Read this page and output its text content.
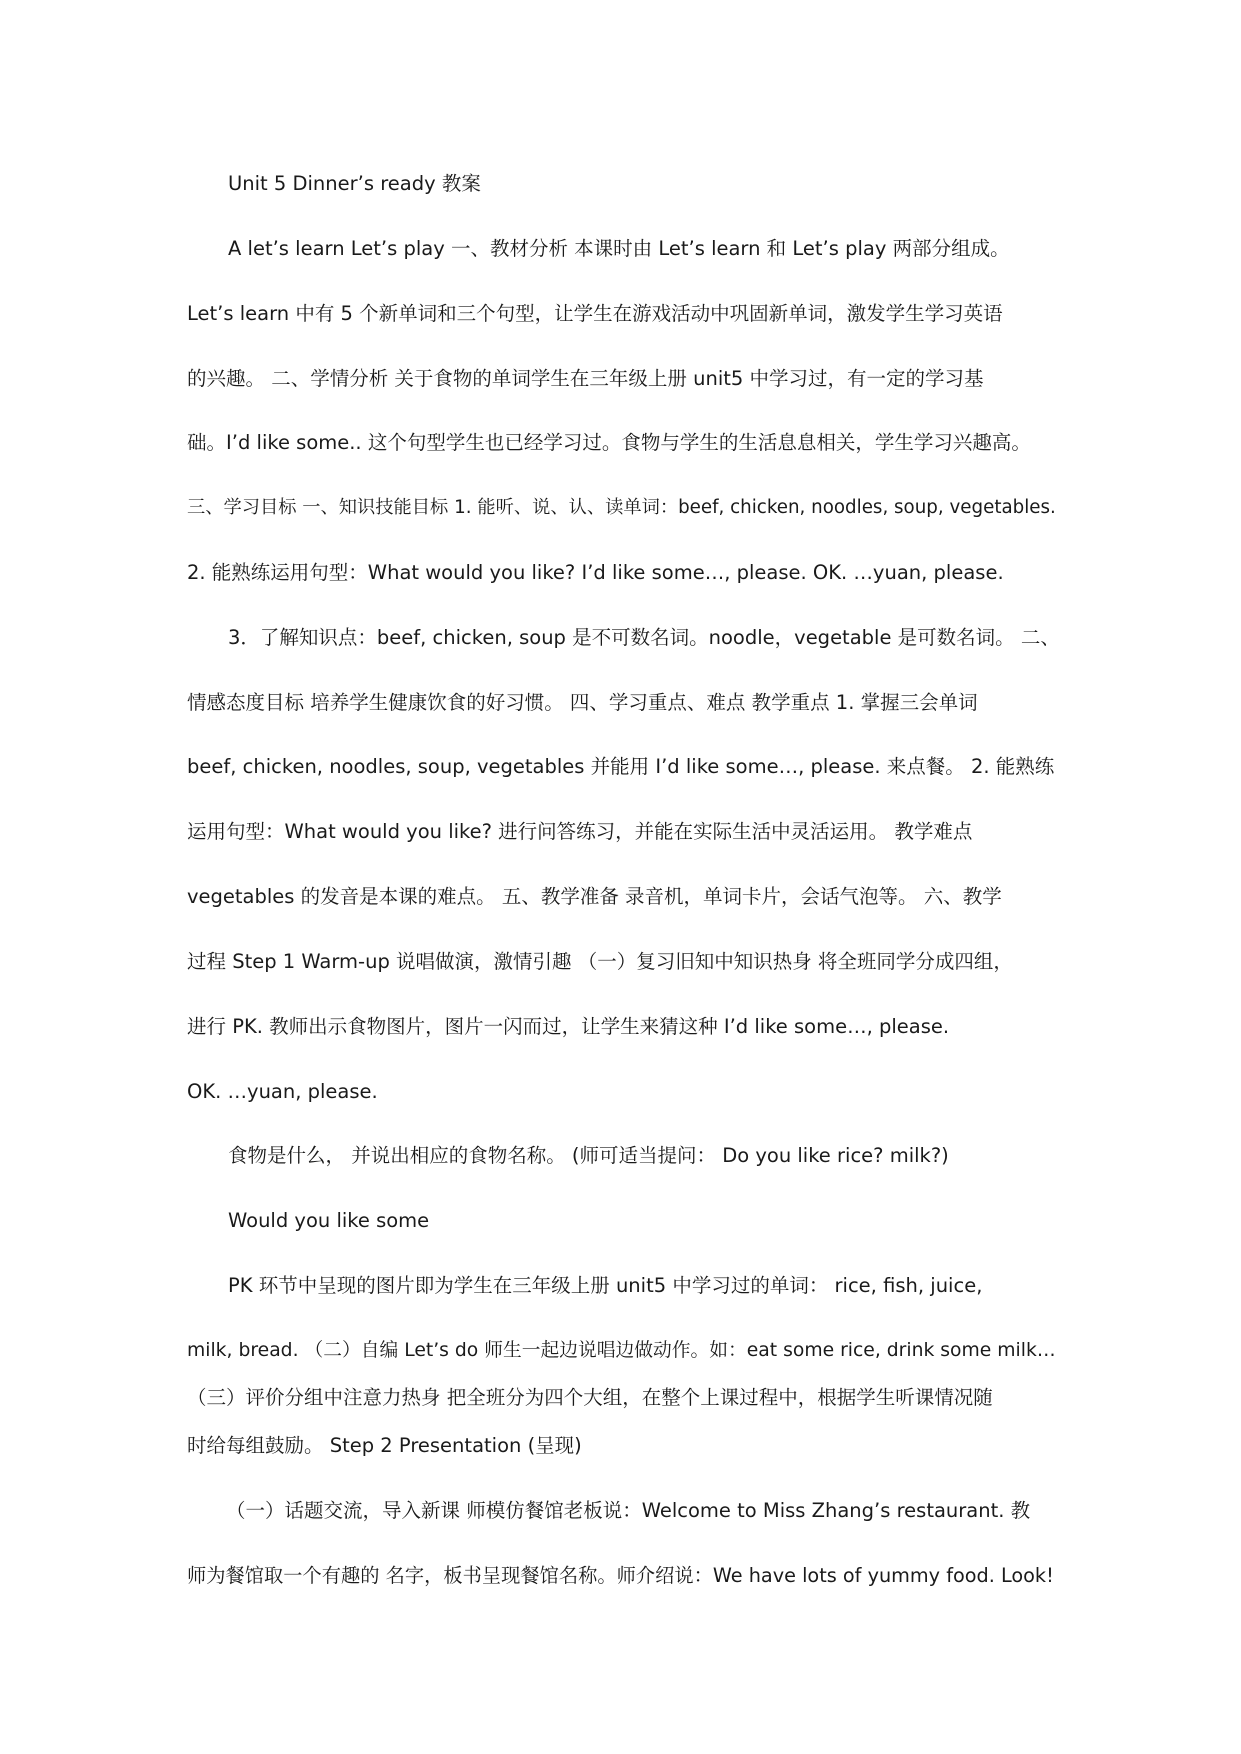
Unit 5 Dinner’s ready 教案
A let’s learn Let’s play 一、教材分析 本课时由 Let’s learn 和 Let’s play 两部分组成。
Let’s learn 中有 5 个新单词和三个句型，让学生在游戏活动中巩固新单词，激发学生学习英语
的兴趣。 二、学情分析 关于食物的单词学生在三年级上册 unit5 中学习过，有一定的学习基
础。I’d like some.. 这个句型学生也已经学习过。食物与学生的生活息息相关，学生学习兴趣高。
三、学习目标 一、知识技能目标 1. 能听、说、认、读单词：beef, chicken, noodles, soup, vegetables.
2. 能熟练运用句型：What would you like? I’d like some…, please. OK. …yuan, please.
3．了解知识点：beef, chicken, soup 是不可数名词。noodle，vegetable 是可数名词。 二、
情感态度目标 培养学生健康饮食的好习惯。 四、学习重点、难点 教学重点 1. 掌握三会单词
beef, chicken, noodles, soup, vegetables 并能用 I’d like some…, please. 来点餐。 2. 能熟练
运用句型：What would you like? 进行问答练习，并能在实际生活中灵活运用。 教学难点
vegetables 的发音是本课的难点。 五、教学准备 录音机，单词卡片，会话气泡等。 六、教学
过程 Step 1 Warm-up 说唱做演，激情引趣 （一）复习旧知中知识热身 将全班同学分成四组，
进行 PK. 教师出示食物图片，图片一闪而过，让学生来猜这种 I’d like some…, please.
OK. …yuan, please.
食物是什么， 并说出相应的食物名称。 (师可适当提问： Do you like rice? milk?)
Would you like some
PK 环节中呈现的图片即为学生在三年级上册 unit5 中学习过的单词： rice, fish, juice,
milk, bread. （二）自编 Let’s do 师生一起边说唱边做动作。如：eat some rice, drink some milk…
（三）评价分组中注意力热身 把全班分为四个大组，在整个上课过程中，根据学生听课情况随
时给每组鼓励。 Step 2 Presentation (呈现)
（一）话题交流，导入新课 师模仿餐馆老板说：Welcome to Miss Zhang’s restaurant. 教
师为餐馆取一个有趣的 名字，板书呈现餐馆名称。师介绍说：We have lots of yummy food. Look!
